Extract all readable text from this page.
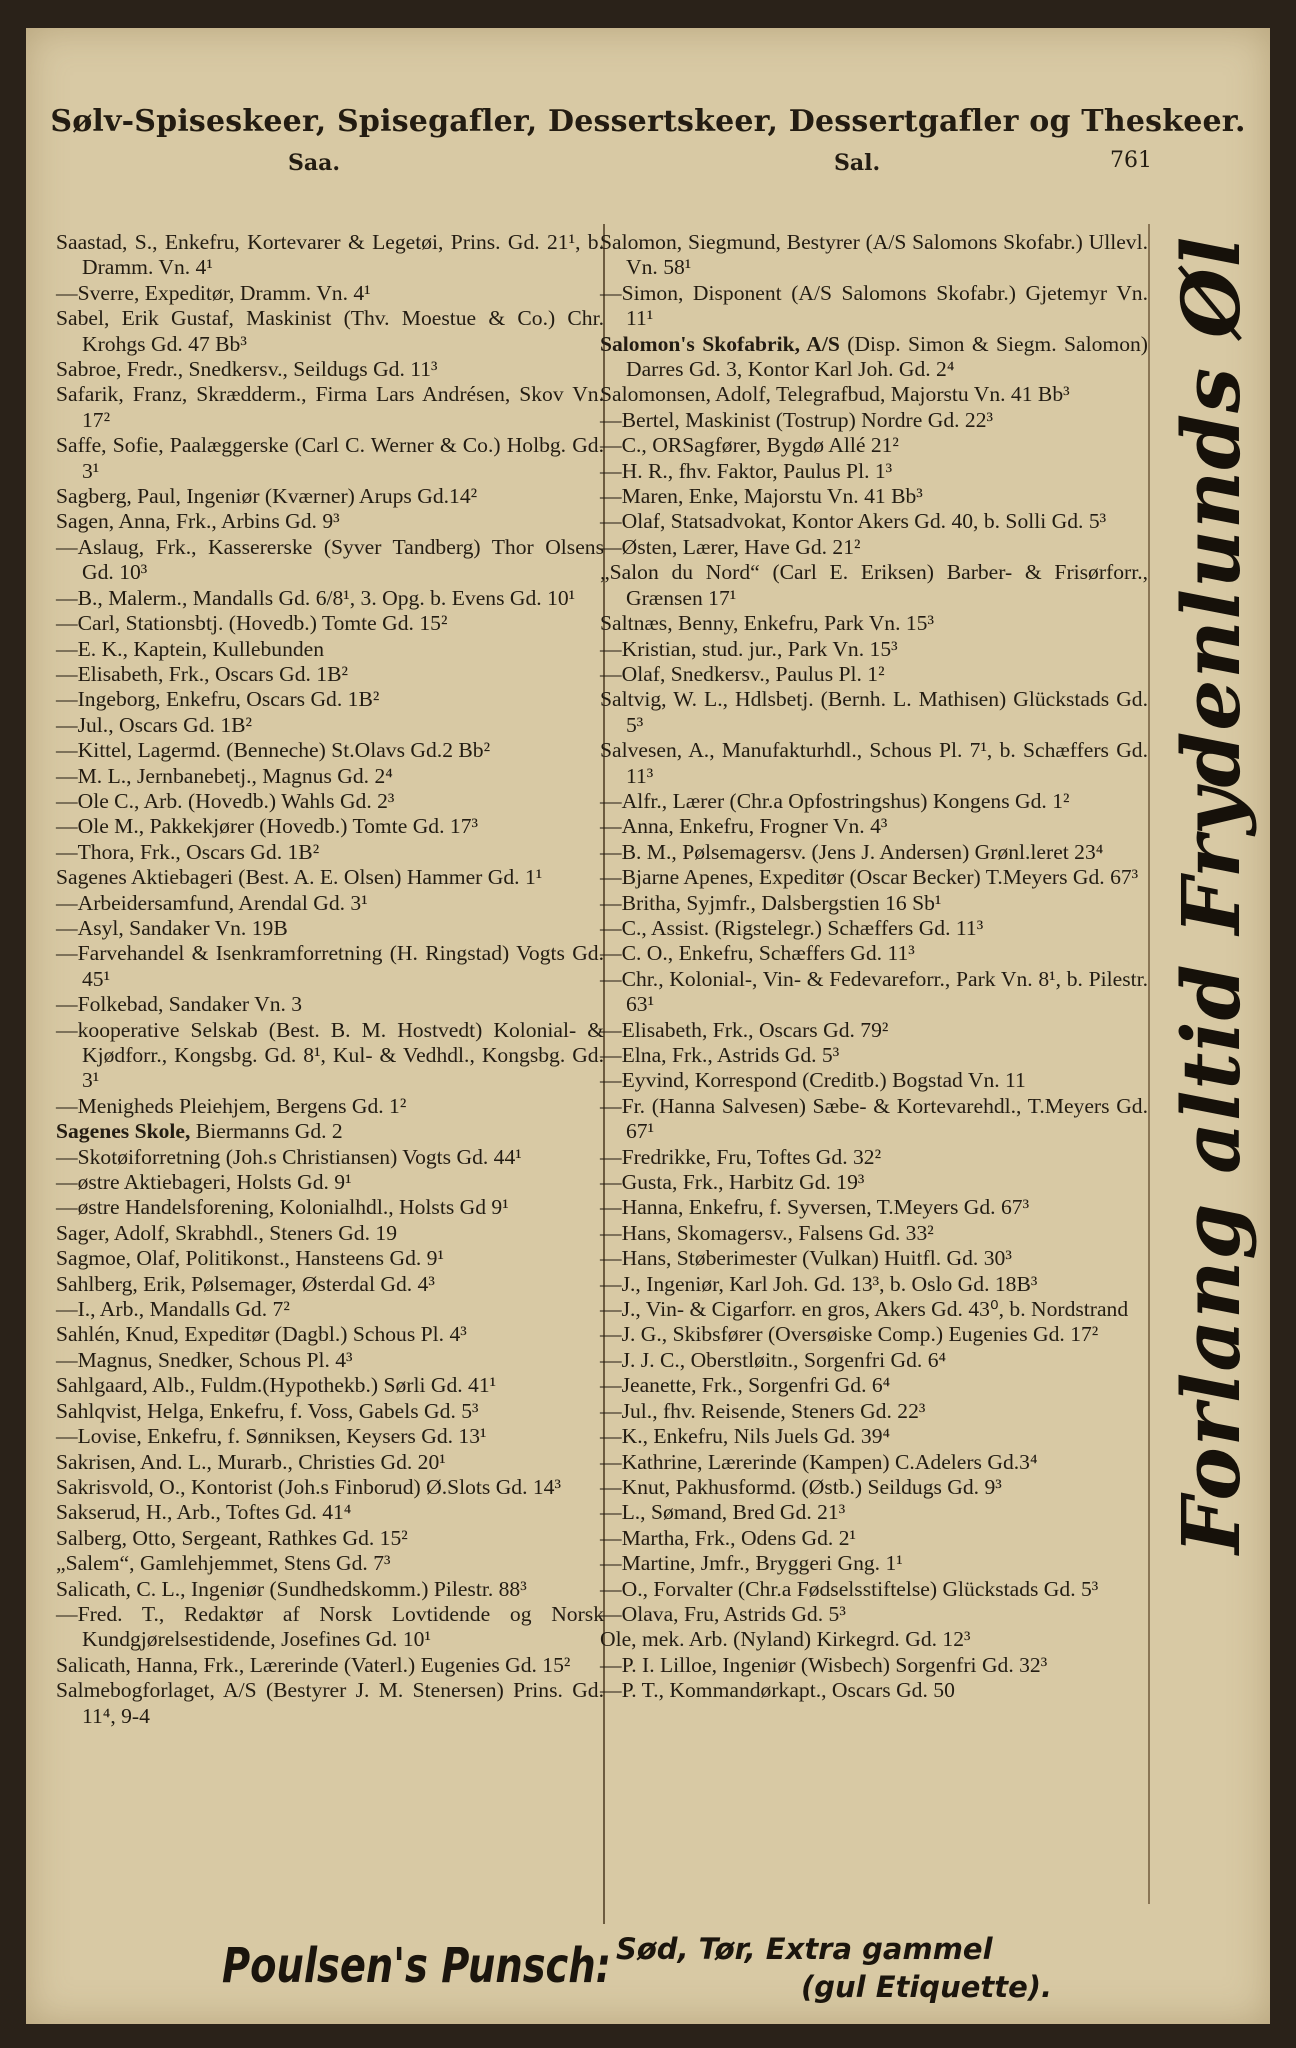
Sølv-Spiseskeer, Spisegafler, Dessertskeer, Dessertgafler og Theskeer.
Saa.	Sal.	761
Saastad, S., Enkefru, Kortevarer & Legetøi, Prins. Gd. 21¹, b. Dramm. Vn. 4¹
—Sverre, Expeditør, Dramm. Vn. 4¹
Sabel, Erik Gustaf, Maskinist (Thv. Moestue & Co.) Chr. Krohgs Gd. 47 Bb³
Sabroe, Fredr., Snedkersv., Seildugs Gd. 11³
Safarik, Franz, Skrædderm., Firma Lars Andrésen, Skov Vn. 17²
Saffe, Sofie, Paalæggerske (Carl C. Werner & Co.) Holbg. Gd. 3¹
Sagberg, Paul, Ingeniør (Kværner) Arups Gd.14²
Sagen, Anna, Frk., Arbins Gd. 9³
—Aslaug, Frk., Kassererske (Syver Tandberg) Thor Olsens Gd. 10³
—B., Malerm., Mandalls Gd. 6/8¹, 3. Opg. b. Evens Gd. 10¹
—Carl, Stationsbtj. (Hovedb.) Tomte Gd. 15²
—E. K., Kaptein, Kullebunden
—Elisabeth, Frk., Oscars Gd. 1B²
—Ingeborg, Enkefru, Oscars Gd. 1B²
—Jul., Oscars Gd. 1B²
—Kittel, Lagermd. (Benneche) St.Olavs Gd.2 Bb²
—M. L., Jernbanebetj., Magnus Gd. 2⁴
—Ole C., Arb. (Hovedb.) Wahls Gd. 2³
—Ole M., Pakkekjører (Hovedb.) Tomte Gd. 17³
—Thora, Frk., Oscars Gd. 1B²
Sagenes Aktiebageri (Best. A. E. Olsen) Hammer Gd. 1¹
—Arbeidersamfund, Arendal Gd. 3¹
—Asyl, Sandaker Vn. 19B
—Farvehandel & Isenkramforretning (H. Ringstad) Vogts Gd. 45¹
—Folkebad, Sandaker Vn. 3
—kooperative Selskab (Best. B. M. Hostvedt) Kolonial- & Kjødforr., Kongsbg. Gd. 8¹, Kul- & Vedhdl., Kongsbg. Gd. 3¹
—Menigheds Pleiehjem, Bergens Gd. 1²
Sagenes Skole, Biermanns Gd. 2
—Skotøiforretning (Joh.s Christiansen) Vogts Gd. 44¹
—østre Aktiebageri, Holsts Gd. 9¹
—østre Handelsforening, Kolonialhdl., Holsts Gd 9¹
Sager, Adolf, Skrabhdl., Steners Gd. 19
Sagmoe, Olaf, Politikonst., Hansteens Gd. 9¹
Sahlberg, Erik, Pølsemager, Østerdal Gd. 4³
—I., Arb., Mandalls Gd. 7²
Sahlén, Knud, Expeditør (Dagbl.) Schous Pl. 4³
—Magnus, Snedker, Schous Pl. 4³
Sahlgaard, Alb., Fuldm.(Hypothekb.) Sørli Gd. 41¹
Sahlqvist, Helga, Enkefru, f. Voss, Gabels Gd. 5³
—Lovise, Enkefru, f. Sønniksen, Keysers Gd. 13¹
Sakrisen, And. L., Murarb., Christies Gd. 20¹
Sakrisvold, O., Kontorist (Joh.s Finborud) Ø.Slots Gd. 14³
Sakserud, H., Arb., Toftes Gd. 41⁴
Salberg, Otto, Sergeant, Rathkes Gd. 15²
„Salem“, Gamlehjemmet, Stens Gd. 7³
Salicath, C. L., Ingeniør (Sundhedskomm.) Pilestr. 88³
—Fred. T., Redaktør af Norsk Lovtidende og Norsk Kundgjørelsestidende, Josefines Gd. 10¹
Salicath, Hanna, Frk., Lærerinde (Vaterl.) Eugenies Gd. 15²
Salmebogforlaget, A/S (Bestyrer J. M. Stenersen) Prins. Gd. 11⁴, 9-4
Salomon, Siegmund, Bestyrer (A/S Salomons Skofabr.) Ullevl. Vn. 58¹
—Simon, Disponent (A/S Salomons Skofabr.) Gjetemyr Vn. 11¹
Salomon's Skofabrik, A/S (Disp. Simon & Siegm. Salomon) Darres Gd. 3, Kontor Karl Joh. Gd. 2⁴
Salomonsen, Adolf, Telegrafbud, Majorstu Vn. 41 Bb³
—Bertel, Maskinist (Tostrup) Nordre Gd. 22³
—C., ORSagfører, Bygdø Allé 21²
—H. R., fhv. Faktor, Paulus Pl. 1³
—Maren, Enke, Majorstu Vn. 41 Bb³
—Olaf, Statsadvokat, Kontor Akers Gd. 40, b. Solli Gd. 5³
—Østen, Lærer, Have Gd. 21²
„Salon du Nord“ (Carl E. Eriksen) Barber- & Frisørforr., Grænsen 17¹
Saltnæs, Benny, Enkefru, Park Vn. 15³
—Kristian, stud. jur., Park Vn. 15³
—Olaf, Snedkersv., Paulus Pl. 1²
Saltvig, W. L., Hdlsbetj. (Bernh. L. Mathisen) Glückstads Gd. 5³
Salvesen, A., Manufakturhdl., Schous Pl. 7¹, b. Schæffers Gd. 11³
—Alfr., Lærer (Chr.a Opfostringshus) Kongens Gd. 1²
—Anna, Enkefru, Frogner Vn. 4³
—B. M., Pølsemagersv. (Jens J. Andersen) Grønl.leret 23⁴
—Bjarne Apenes, Expeditør (Oscar Becker) T.Meyers Gd. 67³
—Britha, Syjmfr., Dalsbergstien 16 Sb¹
—C., Assist. (Rigstelegr.) Schæffers Gd. 11³
—C. O., Enkefru, Schæffers Gd. 11³
—Chr., Kolonial-, Vin- & Fedevareforr., Park Vn. 8¹, b. Pilestr. 63¹
—Elisabeth, Frk., Oscars Gd. 79²
—Elna, Frk., Astrids Gd. 5³
—Eyvind, Korrespond (Creditb.) Bogstad Vn. 11
—Fr. (Hanna Salvesen) Sæbe- & Kortevarehdl., T.Meyers Gd. 67¹
—Fredrikke, Fru, Toftes Gd. 32²
—Gusta, Frk., Harbitz Gd. 19³
—Hanna, Enkefru, f. Syversen, T.Meyers Gd. 67³
—Hans, Skomagersv., Falsens Gd. 33²
—Hans, Støberimester (Vulkan) Huitfl. Gd. 30³
—J., Ingeniør, Karl Joh. Gd. 13³, b. Oslo Gd. 18B³
—J., Vin- & Cigarforr. en gros, Akers Gd. 43⁰, b. Nordstrand
—J. G., Skibsfører (Oversøiske Comp.) Eugenies Gd. 17²
—J. J. C., Oberstløitn., Sorgenfri Gd. 6⁴
—Jeanette, Frk., Sorgenfri Gd. 6⁴
—Jul., fhv. Reisende, Steners Gd. 22³
—K., Enkefru, Nils Juels Gd. 39⁴
—Kathrine, Lærerinde (Kampen) C.Adelers Gd.3⁴
—Knut, Pakhusformd. (Østb.) Seildugs Gd. 9³
—L., Sømand, Bred Gd. 21³
—Martha, Frk., Odens Gd. 2¹
—Martine, Jmfr., Bryggeri Gng. 1¹
—O., Forvalter (Chr.a Fødselsstiftelse) Glückstads Gd. 5³
—Olava, Fru, Astrids Gd. 5³
Ole, mek. Arb. (Nyland) Kirkegrd. Gd. 12³
—P. I. Lilloe, Ingeniør (Wisbech) Sorgenfri Gd. 32³
—P. T., Kommandørkapt., Oscars Gd. 50
Forlang altid Frydenlunds Øl
Poulsen's Punsch: Sød, Tør, Extra gammel
(gul Etiquette).
